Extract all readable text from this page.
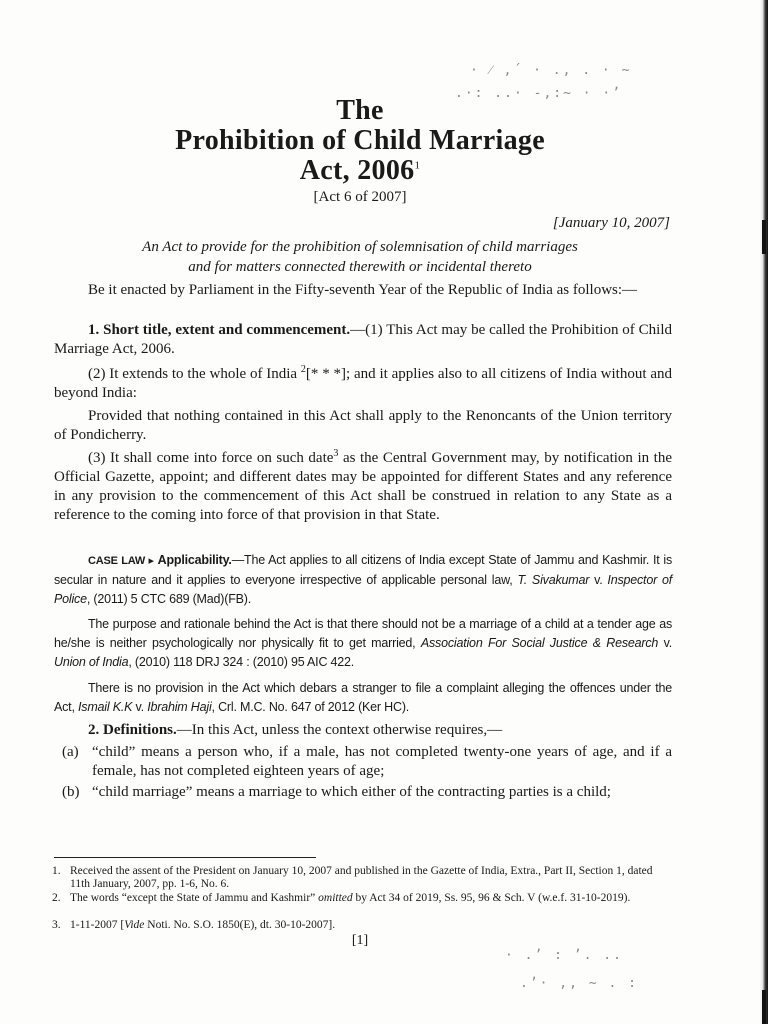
· ⁄ ,´ · ., . · ~
.·: ..· -,:~ · ·ʼ
· .ʼ : ʼ. ..
.ʼ· ,, ~ . :
The
Prohibition of Child Marriage
Act, 2006$^1$
[Act 6 of 2007]
[January 10, 2007]
An Act to provide for the prohibition of solemnisation of child marriages
and for matters connected therewith or incidental thereto
Be it enacted by Parliament in the Fifty-seventh Year of the Republic of India as follows:—
1. Short title, extent and commencement.—(1) This Act may be called the Prohibition of Child Marriage Act, 2006.
(2) It extends to the whole of India $^2$[* * *]; and it applies also to all citizens of India without and beyond India:
Provided that nothing contained in this Act shall apply to the Renoncants of the Union territory of Pondicherry.
(3) It shall come into force on such date$^3$ as the Central Government may, by notification in the Official Gazette, appoint; and different dates may be appointed for different States and any reference in any provision to the commencement of this Act shall be construed in relation to any State as a reference to the coming into force of that provision in that State.
CASE LAW ▸ Applicability.—The Act applies to all citizens of India except State of Jammu and Kashmir. It is secular in nature and it applies to everyone irrespective of applicable personal law, T. Sivakumar v. Inspector of Police, (2011) 5 CTC 689 (Mad)(FB).
The purpose and rationale behind the Act is that there should not be a marriage of a child at a tender age as he/she is neither psychologically nor physically fit to get married, Association For Social Justice & Research v. Union of India, (2010) 118 DRJ 324 : (2010) 95 AIC 422.
There is no provision in the Act which debars a stranger to file a complaint alleging the offences under the Act, Ismail K.K v. Ibrahim Haji, Crl. M.C. No. 647 of 2012 (Ker HC).
2. Definitions.—In this Act, unless the context otherwise requires,—
(a) “child” means a person who, if a male, has not completed twenty-one years of age, and if a female, has not completed eighteen years of age;
(b) “child marriage” means a marriage to which either of the contracting parties is a child;
1. Received the assent of the President on January 10, 2007 and published in the Gazette of India, Extra., Part II, Section 1, dated 11th January, 2007, pp. 1-6, No. 6.
2. The words “except the State of Jammu and Kashmir” omitted by Act 34 of 2019, Ss. 95, 96 & Sch. V (w.e.f. 31-10-2019).
3. 1-11-2007 [Vide Noti. No. S.O. 1850(E), dt. 30-10-2007].
[1]
